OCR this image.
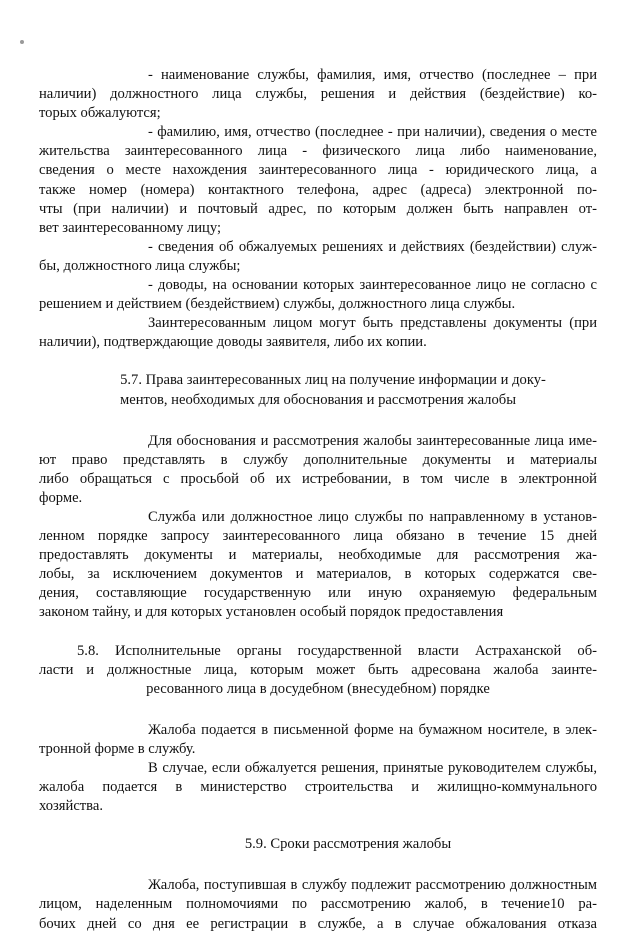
- наименование службы, фамилия, имя, отчество (последнее – при
наличии) должностного лица службы, решения и действия (бездействие) ко-
торых обжалуются;

- фамилию, имя, отчество (последнее - при наличии), сведения о месте
жительства заинтересованного лица - физического лица либо наименование,
сведения о месте нахождения заинтересованного лица - юридического лица, а
также номер (номера) контактного телефона, адрес (адреса) электронной по-
чты (при наличии) и почтовый адрес, по которым должен быть направлен от-
вет заинтересованному лицу;

- сведения об обжалуемых решениях и действиях (бездействии) служ-
бы, должностного лица службы;

- доводы, на основании которых заинтересованное лицо не согласно с
решением и действием (бездействием) службы, должностного лица службы.

Заинтересованным лицом могут быть представлены документы (при
наличии), подтверждающие доводы заявителя, либо их копии.

5.7. Права заинтересованных лиц на получение информации и доку-
ментов, необходимых для обоснования и рассмотрения жалобы

Для обоснования и рассмотрения жалобы заинтересованные лица име-
ют право представлять в службу дополнительные документы и материалы
либо обращаться с просьбой об их истребовании, в том числе в электронной
форме.

Служба или должностное лицо службы по направленному в установ-
ленном порядке запросу заинтересованного лица обязано в течение 15 дней
предоставлять документы и материалы, необходимые для рассмотрения жа-
лобы, за исключением документов и материалов, в которых содержатся све-
дения, составляющие государственную или иную охраняемую федеральным
законом тайну, и для которых установлен особый порядок предоставления

5.8. Исполнительные органы государственной власти Астраханской об-
ласти и должностные лица, которым может быть адресована жалоба заинте-
ресованного лица в досудебном (внесудебном) порядке

Жалоба подается в письменной форме на бумажном носителе, в элек-
тронной форме в службу.

В случае, если обжалуется решения, принятые руководителем службы,
жалоба подается в министерство строительства и жилищно-коммунального
хозяйства.

5.9. Сроки рассмотрения жалобы

Жалоба, поступившая в службу подлежит рассмотрению должностным
лицом, наделенным полномочиями по рассмотрению жалоб, в течение10 ра-
бочих дней со дня ее регистрации в службе, а в случае обжалования отказа
